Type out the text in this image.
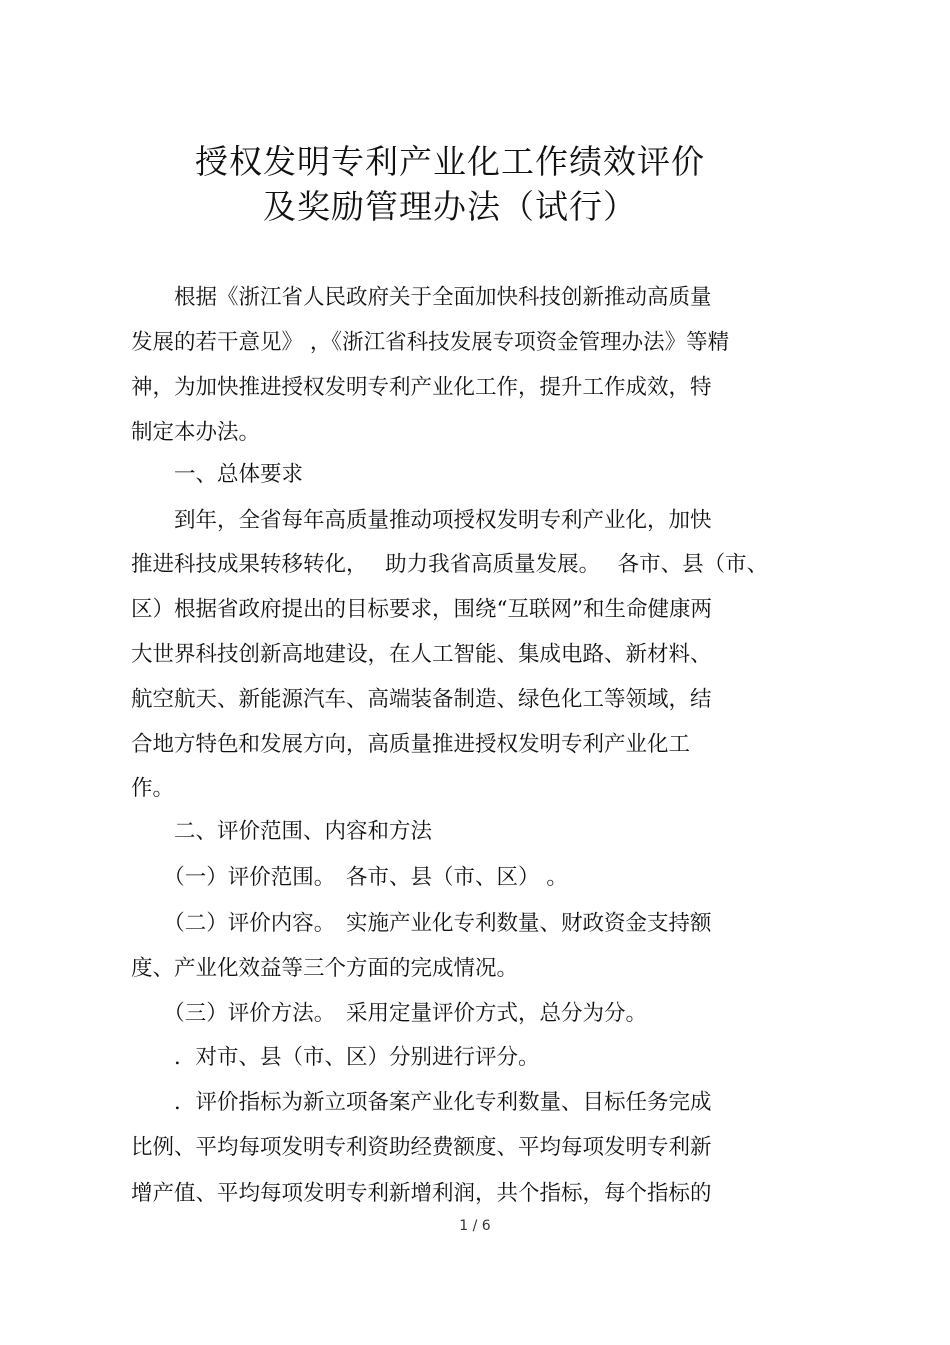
授权发明专利产业化工作绩效评价
及奖励管理办法（试行）
　　根据《浙江省人民政府关于全面加快科技创新推动高质量
发展的若干意见》 ，《浙江省科技发展专项资金管理办法》等精
神，为加快推进授权发明专利产业化工作，提升工作成效，特
制定本办法。
　　一、总体要求
　　到年，全省每年高质量推动项授权发明专利产业化，加快
推进科技成果转移转化，　 助力我省高质量发展。　 各市、县（市、
区）根据省政府提出的目标要求，围绕“互联网”和生命健康两
大世界科技创新高地建设，在人工智能、集成电路、新材料、
航空航天、新能源汽车、高端装备制造、绿色化工等领域，结
合地方特色和发展方向，高质量推进授权发明专利产业化工
作。
　　二、评价范围、内容和方法
　　（一）评价范围。　各市、县（市、区） 。
　　（二）评价内容。　实施产业化专利数量、财政资金支持额
度、产业化效益等三个方面的完成情况。
　　（三）评价方法。　采用定量评价方式，总分为分。
　　．对市、县（市、区）分别进行评分。
　　．评价指标为新立项备案产业化专利数量、目标任务完成
比例、平均每项发明专利资助经费额度、平均每项发明专利新
增产值、平均每项发明专利新增利润，共个指标，每个指标的
1 / 6
